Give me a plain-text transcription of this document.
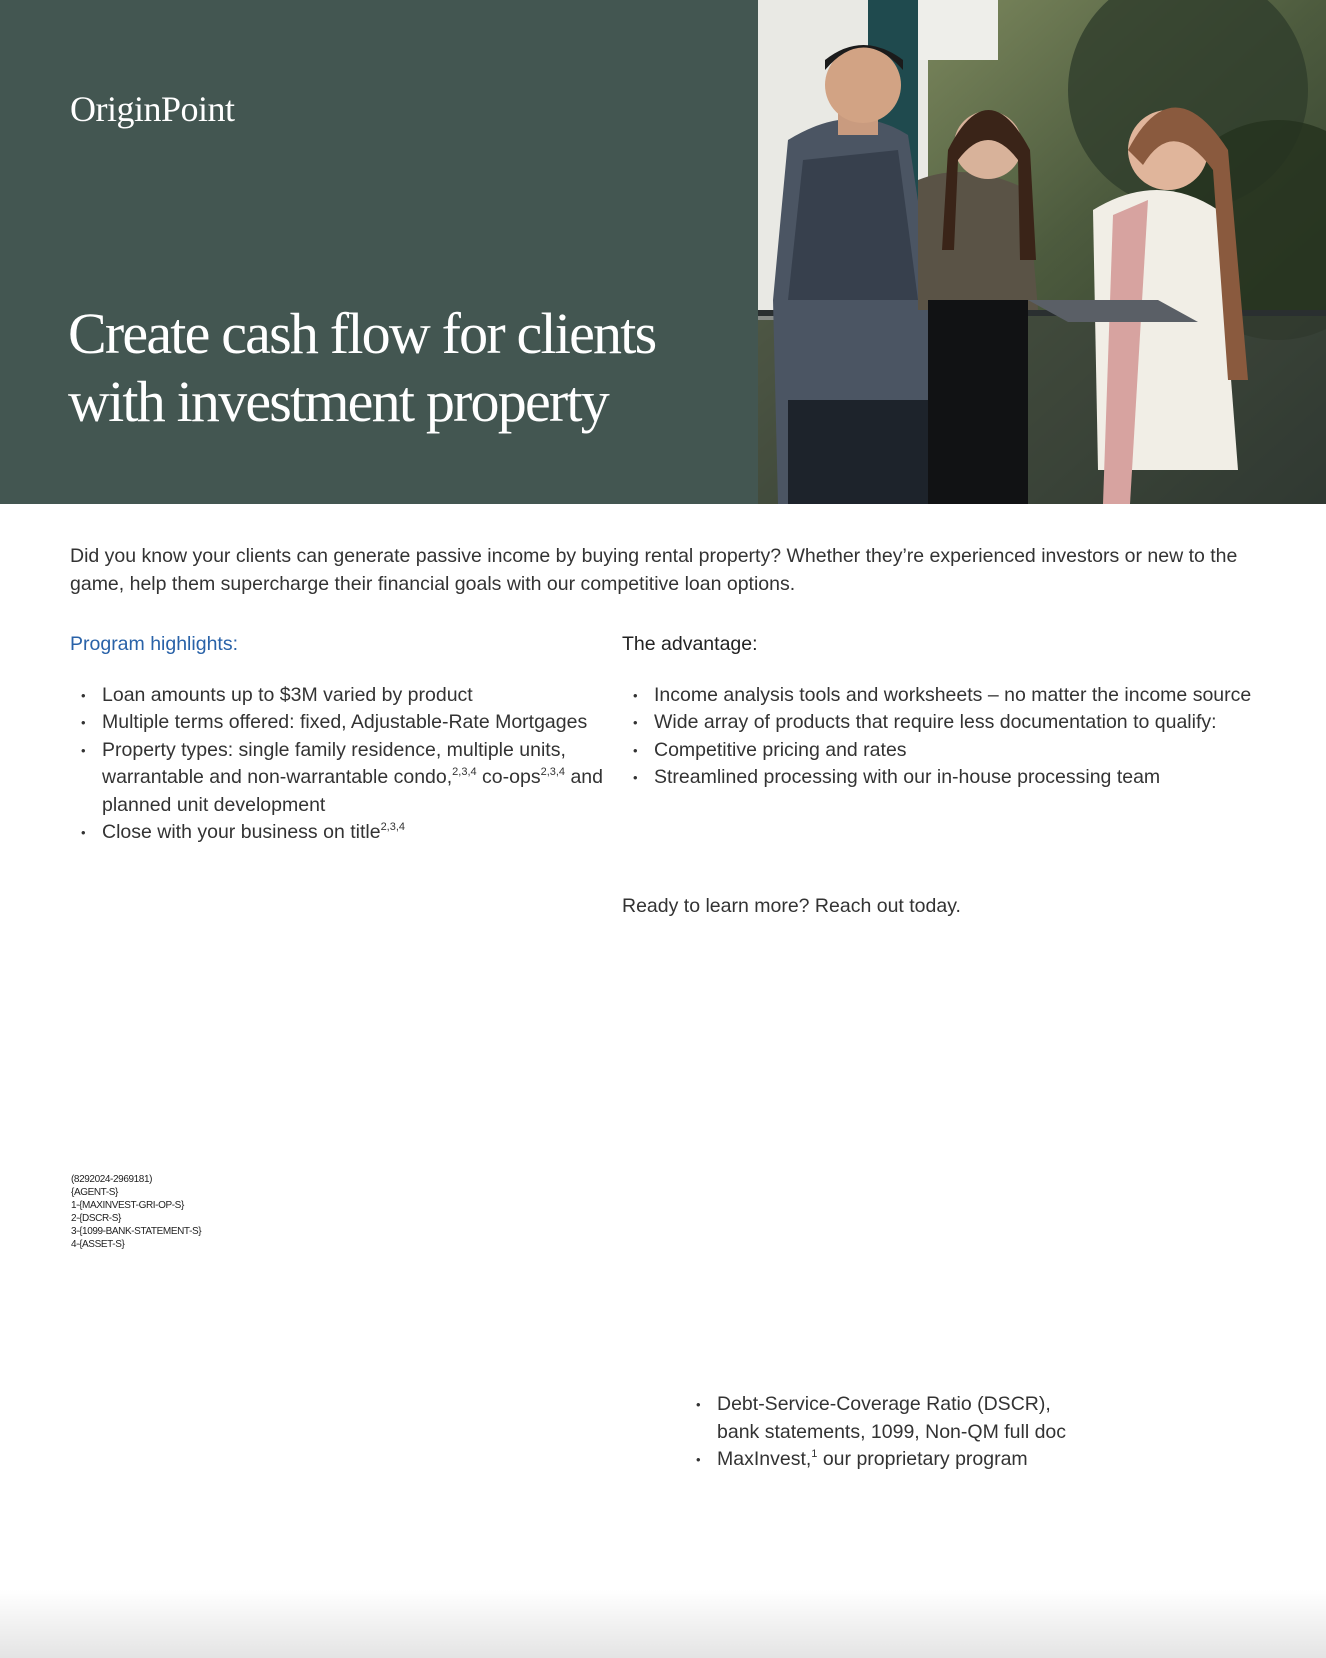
OriginPoint
Create cash flow for clients
with investment property

Did you know your clients can generate passive income by buying rental property? Whether they’re experienced investors or new to the game, help them supercharge their financial goals with our competitive loan options.

Program highlights:
• Loan amounts up to $3M varied by product
• Multiple terms offered: fixed, Adjustable-Rate Mortgages
• Property types: single family residence, multiple units, warrantable and non-warrantable condo,$^{2,3,4}$ co-ops$^{2,3,4}$ and planned unit development
• Close with your business on title$^{2,3,4}$
The advantage:
• Income analysis tools and worksheets – no matter the income source
• Wide array of products that require less documentation to qualify:
• Debt-Service-Coverage Ratio (DSCR),
bank statements, 1099, Non-QM full doc
• MaxInvest,$^1$ our proprietary program
• Competitive pricing and rates
• Streamlined processing with our in-house processing team

Ready to learn more? Reach out today.

(8292024-2969181)
{AGENT-S}
1-{MAXINVEST-GRI-OP-S}
2-{DSCR-S}
3-{1099-BANK-STATEMENT-S}
4-{ASSET-S}
